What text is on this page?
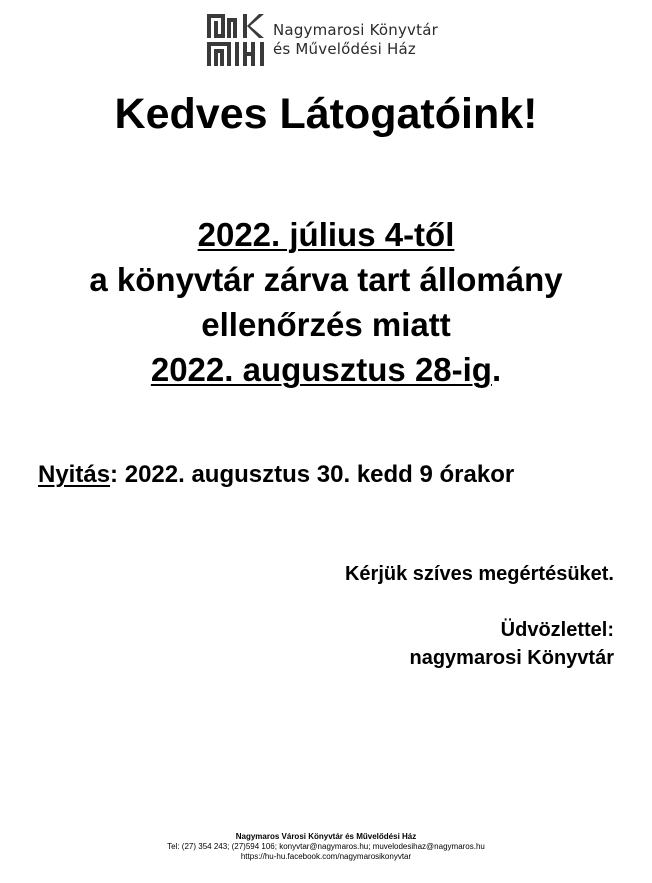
Nagymarosi Könyvtár
és Művelődési Ház
Kedves Látogatóink!
2022. július 4-től
a könyvtár zárva tart állomány
ellenőrzés miatt
2022. augusztus 28-ig.
Nyitás: 2022. augusztus 30. kedd 9 órakor
Kérjük szíves megértésüket.
Üdvözlettel:
nagymarosi Könyvtár
Nagymaros Városi Könyvtár és Művelődési Ház
Tel: (27) 354 243; (27)594 106; konyvtar@nagymaros.hu; muvelodesihaz@nagymaros.hu
https://hu-hu.facebook.com/nagymarosikonyvtar
